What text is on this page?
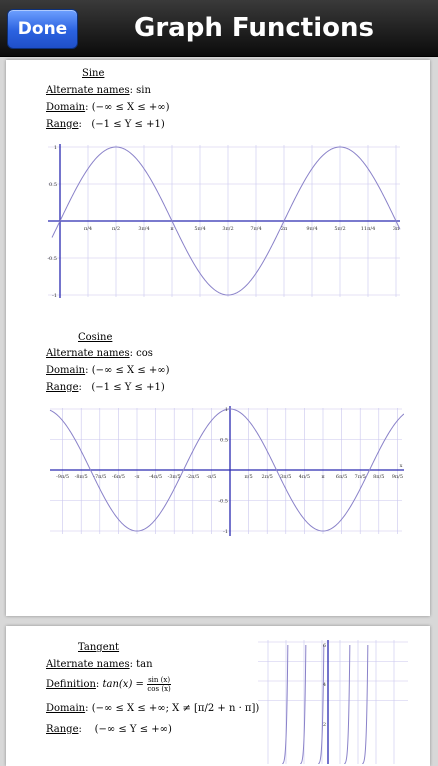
Done	Graph Functions
Sine
Alternate names: sin
Domain: (−∞ ≤ X ≤ +∞)
Range:   (−1 ≤ Y ≤ +1)
π/4	π/2	3π/4	π	5π/4	3π/2	7π/4	2π	9π/4	5π/2	11π/4	3π
1
0.5
-0.5
-1
Cosine
Alternate names: cos
Domain: (−∞ ≤ X ≤ +∞)
Range:   (−1 ≤ Y ≤ +1)
-9π/5 -8π/5 -7π/5 -6π/5 -π -4π/5 -3π/5 -2π/5 -π/5	π/5 2π/5 3π/5 4π/5 π 6π/5 7π/5 8π/5 9π/5
1
0.5
-0.5
-1
x
Tangent
Alternate names: tan
Definition: $\tan(x) = \frac{\sin (x)}{\cos (x)}$
Domain: (−∞ ≤ X ≤ +∞; X ≠ [π/2 + n · π])
Range:    (−∞ ≤ Y ≤ +∞)
6
4
2
